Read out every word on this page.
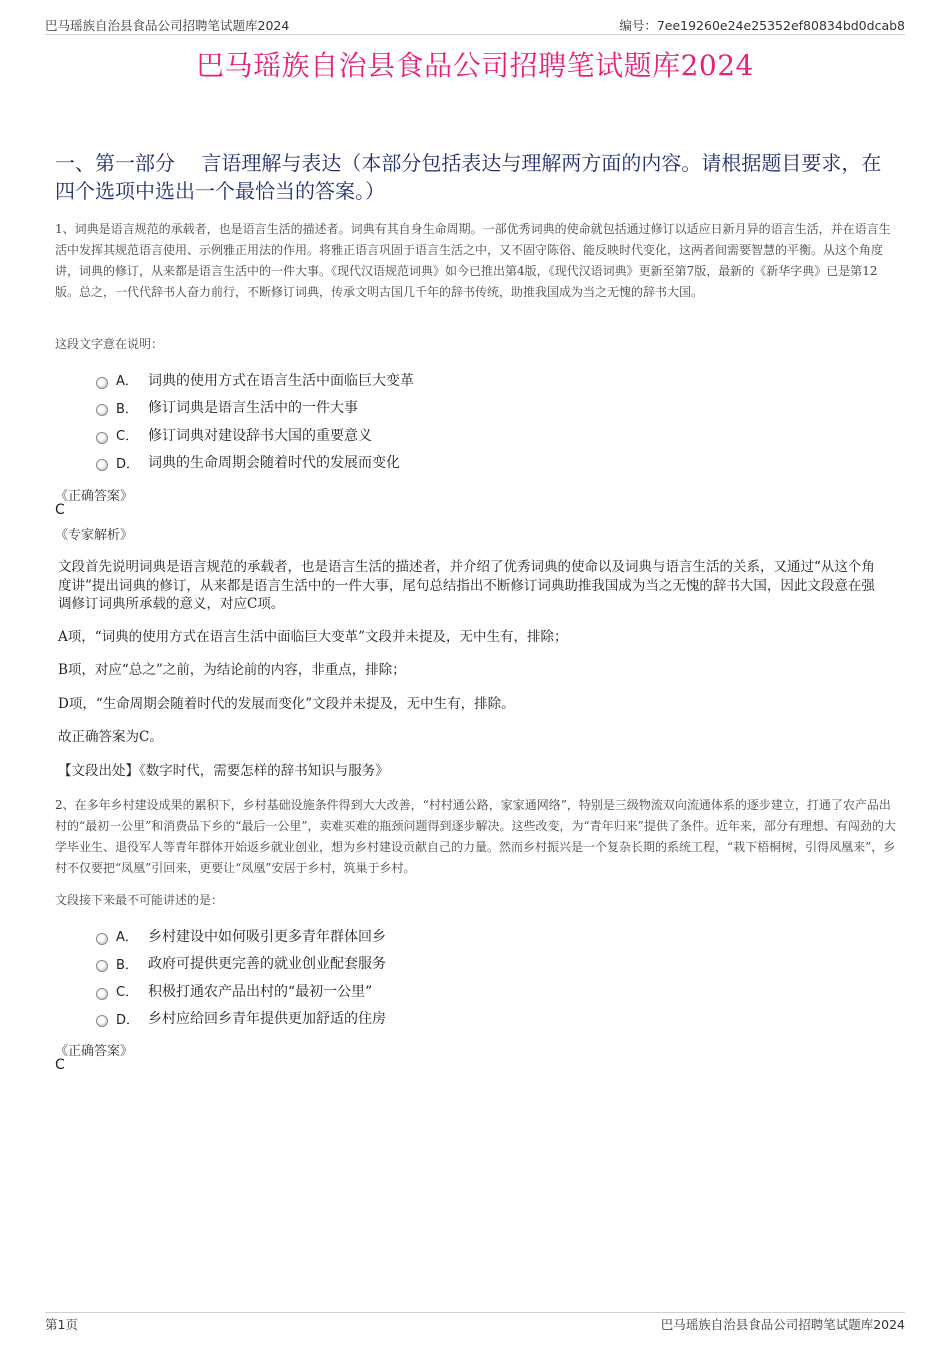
巴马瑶族自治县食品公司招聘笔试题库2024	编号：7ee19260e24e25352ef80834bd0dcab8
巴马瑶族自治县食品公司招聘笔试题库2024
一、第一部分　 言语理解与表达（本部分包括表达与理解两方面的内容。请根据题目要求，在四个选项中选出一个最恰当的答案。）
1、词典是语言规范的承载者，也是语言生活的描述者。词典有其自身生命周期。一部优秀词典的使命就包括通过修订以适应日新月异的语言生活，并在语言生活中发挥其规范语言使用、示例雅正用法的作用。将雅正语言巩固于语言生活之中，又不固守陈俗、能反映时代变化，这两者间需要智慧的平衡。从这个角度讲，词典的修订，从来都是语言生活中的一件大事。《现代汉语规范词典》如今已推出第4版，《现代汉语词典》更新至第7版，最新的《新华字典》已是第12版。总之，一代代辞书人奋力前行，不断修订词典，传承文明古国几千年的辞书传统，助推我国成为当之无愧的辞书大国。
这段文字意在说明：
A． 词典的使用方式在语言生活中面临巨大变革
B． 修订词典是语言生活中的一件大事
C． 修订词典对建设辞书大国的重要意义
D． 词典的生命周期会随着时代的发展而变化
《正确答案》
C
《专家解析》
文段首先说明词典是语言规范的承载者，也是语言生活的描述者，并介绍了优秀词典的使命以及词典与语言生活的关系，又通过“从这个角度讲”提出词典的修订，从来都是语言生活中的一件大事，尾句总结指出不断修订词典助推我国成为当之无愧的辞书大国，因此文段意在强调修订词典所承载的意义，对应C项。
A项，“词典的使用方式在语言生活中面临巨大变革”文段并未提及，无中生有，排除；
B项，对应“总之”之前，为结论前的内容，非重点，排除；
D项，“生命周期会随着时代的发展而变化”文段并未提及，无中生有，排除。
故正确答案为C。
【文段出处】《数字时代，需要怎样的辞书知识与服务》
2、在多年乡村建设成果的累积下，乡村基础设施条件得到大大改善，“村村通公路，家家通网络”，特别是三级物流双向流通体系的逐步建立，打通了农产品出村的“最初一公里”和消费品下乡的“最后一公里”，卖难买难的瓶颈问题得到逐步解决。这些改变，为“青年归来”提供了条件。近年来，部分有理想、有闯劲的大学毕业生、退役军人等青年群体开始返乡就业创业，想为乡村建设贡献自己的力量。然而乡村振兴是一个复杂长期的系统工程，“栽下梧桐树，引得凤凰来”，乡村不仅要把“凤凰”引回来，更要让“凤凰”安居于乡村，筑巢于乡村。
文段接下来最不可能讲述的是：
A． 乡村建设中如何吸引更多青年群体回乡
B． 政府可提供更完善的就业创业配套服务
C． 积极打通农产品出村的“最初一公里”
D． 乡村应给回乡青年提供更加舒适的住房
《正确答案》
C
第1页	巴马瑶族自治县食品公司招聘笔试题库2024
